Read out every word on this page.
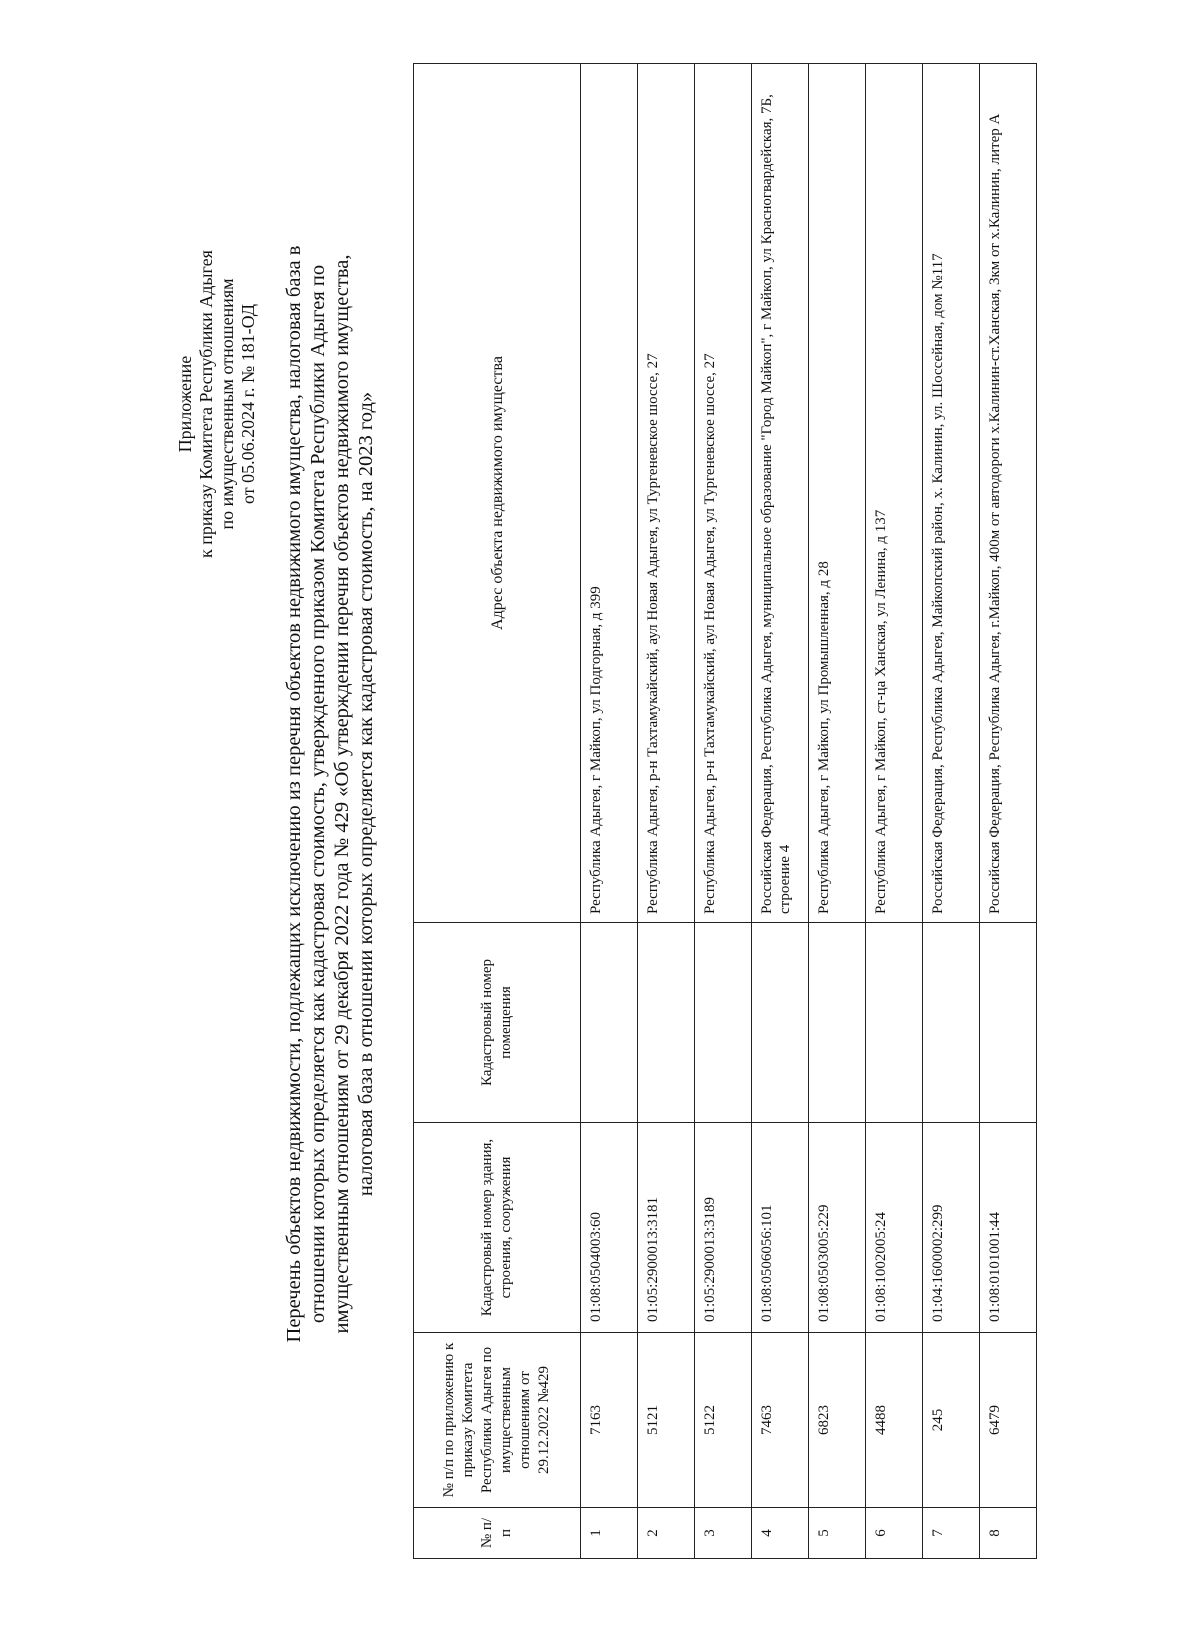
Приложение к приказу Комитета Республики Адыгея по имущественным отношениям от 05.06.2024 г. № 181-ОД Перечень объектов недвижимости, подлежащих исключению из перечня объектов недвижимого имущества, налоговая база в отношении которых определяется как кадастровая стоимость, утвержденного приказом Комитета Республики Адыгея по имущественным отношениям от 29 декабря 2022 года № 429 «Об утверждении перечня объектов недвижимого имущества, налоговая база в отношении которых определяется как кадастровая стоимость, на 2023 год»
№ п/п	№ п/п по приложению к приказу Комитета Республики Адыгея по имущественным отношениям от 29.12.2022 №429	Кадастровый номер здания, строения, сооружения	Кадастровый номер помещения	Адрес объекта недвижимого имущества
1	7163	01:08:0504003:60		Республика Адыгея, г Майкоп, ул Подгорная, д 399
2	5121	01:05:2900013:3181		Республика Адыгея, р-н Тахтамукайский, аул Новая Адыгея, ул Тургеневское шоссе, 27
3	5122	01:05:2900013:3189		Республика Адыгея, р-н Тахтамукайский, аул Новая Адыгея, ул Тургеневское шоссе, 27
4	7463	01:08:0506056:101		Российская Федерация, Республика Адыгея, муниципальное образование "Город Майкоп", г Майкоп, ул Красногвардейская, 7Б, строение 4
5	6823	01:08:0503005:229		Республика Адыгея, г Майкоп, ул Промышленная, д 28
6	4488	01:08:1002005:24		Республика Адыгея, г Майкоп, ст-ца Ханская, ул Ленина, д 137
7	245	01:04:1600002:299		Российская Федерация, Республика Адыгея, Майкопский район, х. Калинин, ул. Шоссейная, дом №117
8	6479	01:08:0101001:44		Российская Федерация, Республика Адыгея, г.Майкоп, 400м от автодороги х.Калинин-ст.Ханская, 3км от х.Калинин, литер А
